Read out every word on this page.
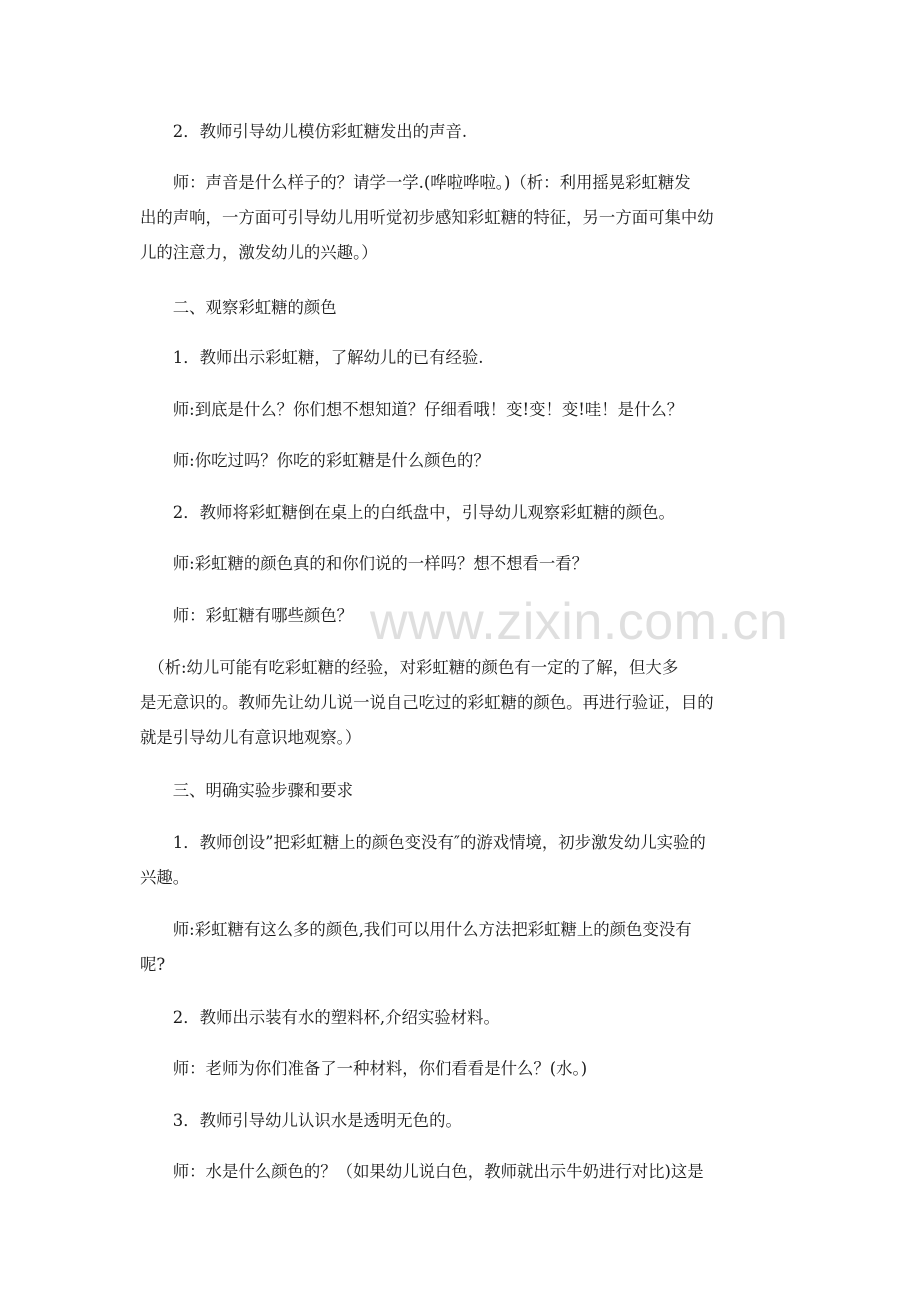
　　2．教师引导幼儿模仿彩虹糖发出的声音.
　　师：声音是什么样子的？请学一学.(哗啦哗啦。)（析：利用摇晃彩虹糖发
出的声响，一方面可引导幼儿用听觉初步感知彩虹糖的特征，另一方面可集中幼
儿的注意力，激发幼儿的兴趣。）
　　二、观察彩虹糖的颜色
　　1．教师出示彩虹糖，了解幼儿的已有经验.
　　师:到底是什么？你们想不想知道？仔细看哦！变!变！变!哇！是什么？
　　师:你吃过吗？你吃的彩虹糖是什么颜色的？
　　2．教师将彩虹糖倒在桌上的白纸盘中，引导幼儿观察彩虹糖的颜色。
　　师:彩虹糖的颜色真的和你们说的一样吗？想不想看一看？
　　师：彩虹糖有哪些颜色？
　（析:幼儿可能有吃彩虹糖的经验，对彩虹糖的颜色有一定的了解，但大多
是无意识的。教师先让幼儿说一说自己吃过的彩虹糖的颜色。再进行验证，目的
就是引导幼儿有意识地观察。）
　　三、明确实验步骤和要求
　　1．教师创设”把彩虹糖上的颜色变没有″的游戏情境，初步激发幼儿实验的
兴趣。
　　师:彩虹糖有这么多的颜色,我们可以用什么方法把彩虹糖上的颜色变没有
呢?
　　2．教师出示装有水的塑料杯,介绍实验材料。
　　师：老师为你们准备了一种材料，你们看看是什么？(水。)
　　3．教师引导幼儿认识水是透明无色的。
　　师：水是什么颜色的？（如果幼儿说白色，教师就出示牛奶进行对比)这是
www.zixin.com.cn
